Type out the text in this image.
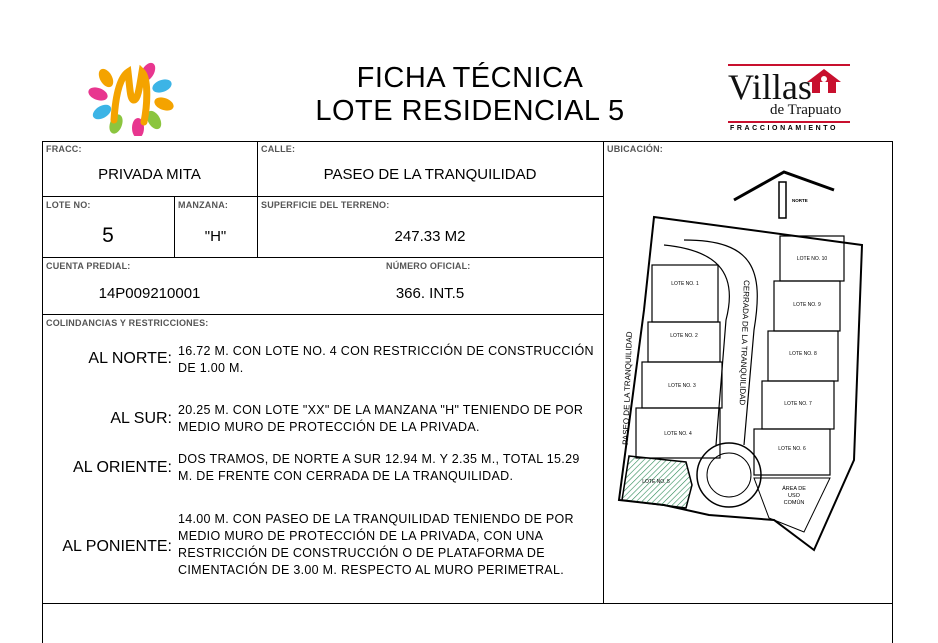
FICHA TÉCNICA
LOTE RESIDENCIAL 5
Villas
de Trapuato
FRACCIONAMIENTO
FRACC:
PRIVADA MITA
CALLE:
PASEO DE LA TRANQUILIDAD
UBICACIÓN:
LOTE NO:
5
MANZANA:
"H"
SUPERFICIE DEL TERRENO:
247.33 M2
CUENTA PREDIAL:
14P009210001
NÚMERO OFICIAL:
366. INT.5
COLINDANCIAS Y RESTRICCIONES:
AL NORTE: 16.72 M. CON LOTE NO. 4 CON RESTRICCIÓN DE CONSTRUCCIÓN DE 1.00 M.
AL SUR: 20.25 M. CON LOTE "XX" DE LA MANZANA "H" TENIENDO DE POR MEDIO MURO DE PROTECCIÓN DE LA PRIVADA.
AL ORIENTE: DOS TRAMOS, DE NORTE A SUR 12.94 M. Y 2.35 M., TOTAL 15.29 M. DE FRENTE CON CERRADA DE LA TRANQUILIDAD.
AL PONIENTE:
14.00 M. CON PASEO DE LA TRANQUILIDAD TENIENDO DE POR MEDIO MURO DE PROTECCIÓN DE LA PRIVADA, CON UNA RESTRICCIÓN DE CONSTRUCCIÓN O DE PLATAFORMA DE CIMENTACIÓN DE 3.00 M. RESPECTO AL MURO PERIMETRAL.
NORTE
PASEO DE LA TRANQUILIDAD	CERRADA DE LA TRANQUILIDAD
LOTE NO. 1
LOTE NO. 2
LOTE NO. 3
LOTE NO. 4
LOTE NO. 5
LOTE NO. 6
LOTE NO. 7
LOTE NO. 8
LOTE NO. 9
LOTE NO. 10
ÁREA DE
USO
COMÚN
